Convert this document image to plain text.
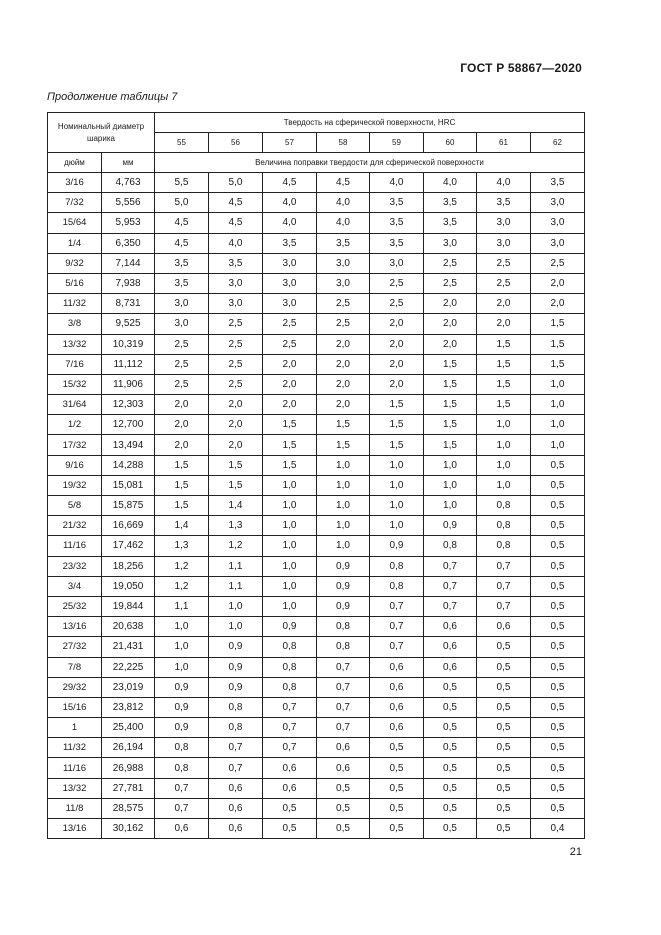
ГОСТ Р 58867—2020
Продолжение таблицы 7
Номинальный диаметр шарика		Твердость на сферической поверхности, HRC							
		55	56	57	58	59	60	61	62
дюйм	мм	Величина поправки твердости для сферической поверхности							
3/16	4,763	5,5	5,0	4,5	4,5	4,0	4,0	4,0	3,5
7/32	5,556	5,0	4,5	4,0	4,0	3,5	3,5	3,5	3,0
15/64	5,953	4,5	4,5	4,0	4,0	3,5	3,5	3,0	3,0
1/4	6,350	4,5	4,0	3,5	3,5	3,5	3,0	3,0	3,0
9/32	7,144	3,5	3,5	3,0	3,0	3,0	2,5	2,5	2,5
5/16	7,938	3,5	3,0	3,0	3,0	2,5	2,5	2,5	2,0
11/32	8,731	3,0	3,0	3,0	2,5	2,5	2,0	2,0	2,0
3/8	9,525	3,0	2,5	2,5	2,5	2,0	2,0	2,0	1,5
13/32	10,319	2,5	2,5	2,5	2,0	2,0	2,0	1,5	1,5
7/16	11,112	2,5	2,5	2,0	2,0	2,0	1,5	1,5	1,5
15/32	11,906	2,5	2,5	2,0	2,0	2,0	1,5	1,5	1,0
31/64	12,303	2,0	2,0	2,0	2,0	1,5	1,5	1,5	1,0
1/2	12,700	2,0	2,0	1,5	1,5	1,5	1,5	1,0	1,0
17/32	13,494	2,0	2,0	1,5	1,5	1,5	1,5	1,0	1,0
9/16	14,288	1,5	1,5	1,5	1,0	1,0	1,0	1,0	0,5
19/32	15,081	1,5	1,5	1,0	1,0	1,0	1,0	1,0	0,5
5/8	15,875	1,5	1,4	1,0	1,0	1,0	1,0	0,8	0,5
21/32	16,669	1,4	1,3	1,0	1,0	1,0	0,9	0,8	0,5
11/16	17,462	1,3	1,2	1,0	1,0	0,9	0,8	0,8	0,5
23/32	18,256	1,2	1,1	1,0	0,9	0,8	0,7	0,7	0,5
3/4	19,050	1,2	1,1	1,0	0,9	0,8	0,7	0,7	0,5
25/32	19,844	1,1	1,0	1,0	0,9	0,7	0,7	0,7	0,5
13/16	20,638	1,0	1,0	0,9	0,8	0,7	0,6	0,6	0,5
27/32	21,431	1,0	0,9	0,8	0,8	0,7	0,6	0,5	0,5
7/8	22,225	1,0	0,9	0,8	0,7	0,6	0,6	0,5	0,5
29/32	23,019	0,9	0,9	0,8	0,7	0,6	0,5	0,5	0,5
15/16	23,812	0,9	0,8	0,7	0,7	0,6	0,5	0,5	0,5
1	25,400	0,9	0,8	0,7	0,7	0,6	0,5	0,5	0,5
11/32	26,194	0,8	0,7	0,7	0,6	0,5	0,5	0,5	0,5
11/16	26,988	0,8	0,7	0,6	0,6	0,5	0,5	0,5	0,5
13/32	27,781	0,7	0,6	0,6	0,5	0,5	0,5	0,5	0,5
11/8	28,575	0,7	0,6	0,5	0,5	0,5	0,5	0,5	0,5
13/16	30,162	0,6	0,6	0,5	0,5	0,5	0,5	0,5	0,4
21
